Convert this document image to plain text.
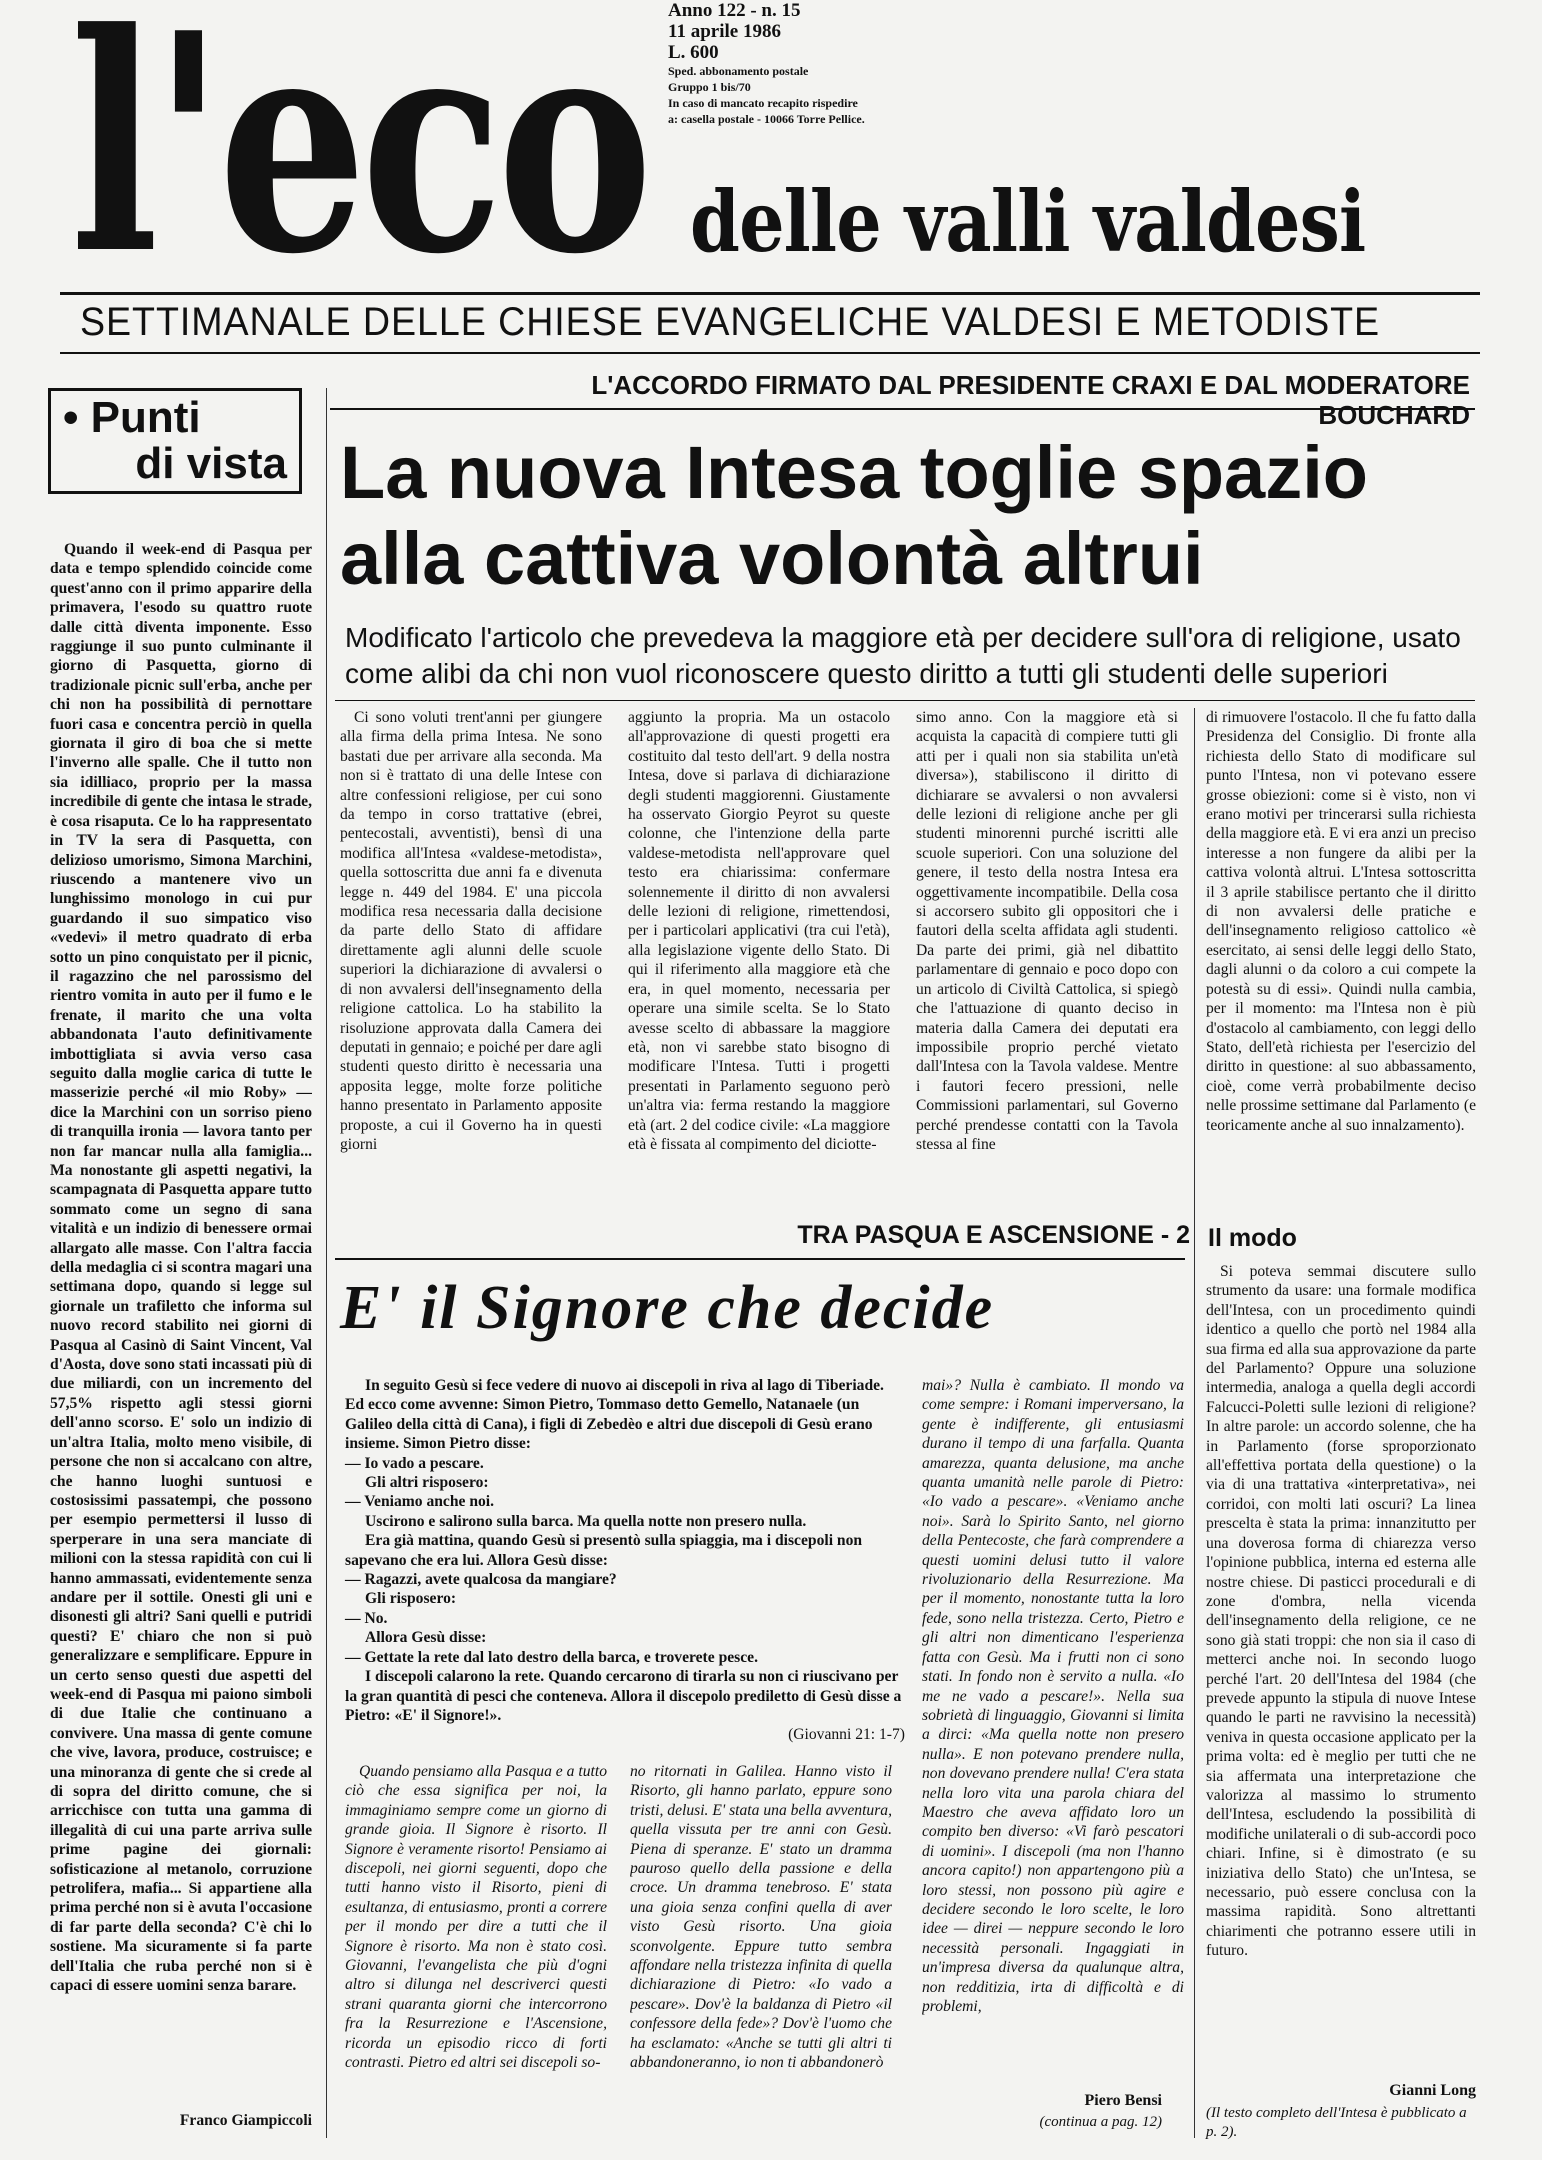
l'eco Anno 122 - n. 15
11 aprile 1986
L. 600
Sped. abbonamento postale
Gruppo 1 bis/70
In caso di mancato recapito rispedire
a: casella postale - 10066 Torre Pellice.
delle valli valdesi
SETTIMANALE DELLE CHIESE EVANGELICHE VALDESI E METODISTE
• Punti
di vista

Quando il week-end di Pasqua per data e tempo splendido coincide come quest'anno con il primo apparire della primavera, l'esodo su quattro ruote dalle città diventa imponente. Esso raggiunge il suo punto culminante il giorno di Pasquetta, giorno di tradizionale picnic sull'erba, anche per chi non ha possibilità di pernottare fuori casa e concentra perciò in quella giornata il giro di boa che si mette l'inverno alle spalle. Che il tutto non sia idilliaco, proprio per la massa incredibile di gente che intasa le strade, è cosa risaputa. Ce lo ha rappresentato in TV la sera di Pasquetta, con delizioso umorismo, Simona Marchini, riuscendo a mantenere vivo un lunghissimo monologo in cui pur guardando il suo simpatico viso «vedevi» il metro quadrato di erba sotto un pino conquistato per il picnic, il ragazzino che nel parossismo del rientro vomita in auto per il fumo e le frenate, il marito che una volta abbandonata l'auto definitivamente imbottigliata si avvia verso casa seguito dalla moglie carica di tutte le masserizie perché «il mio Roby» — dice la Marchini con un sorriso pieno di tranquilla ironia — lavora tanto per non far mancar nulla alla famiglia... Ma nonostante gli aspetti negativi, la scampagnata di Pasquetta appare tutto sommato come un segno di sana vitalità e un indizio di benessere ormai allargato alle masse. Con l'altra faccia della medaglia ci si scontra magari una settimana dopo, quando si legge sul giornale un trafiletto che informa sul nuovo record stabilito nei giorni di Pasqua al Casinò di Saint Vincent, Val d'Aosta, dove sono stati incassati più di due miliardi, con un incremento del 57,5% rispetto agli stessi giorni dell'anno scorso. E' solo un indizio di un'altra Italia, molto meno visibile, di persone che non si accalcano con altre, che hanno luoghi suntuosi e costosissimi passatempi, che possono per esempio permettersi il lusso di sperperare in una sera manciate di milioni con la stessa rapidità con cui li hanno ammassati, evidentemente senza andare per il sottile. Onesti gli uni e disonesti gli altri? Sani quelli e putridi questi? E' chiaro che non si può generalizzare e semplificare. Eppure in un certo senso questi due aspetti del week-end di Pasqua mi paiono simboli di due Italie che continuano a convivere. Una massa di gente comune che vive, lavora, produce, costruisce; e una minoranza di gente che si crede al di sopra del diritto comune, che si arricchisce con tutta una gamma di illegalità di cui una parte arriva sulle prime pagine dei giornali: sofisticazione al metanolo, corruzione petrolifera, mafia... Si appartiene alla prima perché non si è avuta l'occasione di far parte della seconda? C'è chi lo sostiene. Ma sicuramente si fa parte dell'Italia che ruba perché non si è capaci di essere uomini senza barare.

Franco Giampiccoli
L'ACCORDO FIRMATO DAL PRESIDENTE CRAXI E DAL MODERATORE BOUCHARD
La nuova Intesa toglie spazio
alla cattiva volontà altrui
Modificato l'articolo che prevedeva la maggiore età per decidere sull'ora di religione, usato come alibi da chi non vuol riconoscere questo diritto a tutti gli studenti delle superiori

Ci sono voluti trent'anni per giungere alla firma della prima Intesa. Ne sono bastati due per arrivare alla seconda. Ma non si è trattato di una delle Intese con altre confessioni religiose, per cui sono da tempo in corso trattative (ebrei, pentecostali, avventisti), bensì di una modifica all'Intesa «valdese-metodista», quella sottoscritta due anni fa e divenuta legge n. 449 del 1984. E' una piccola modifica resa necessaria dalla decisione da parte dello Stato di affidare direttamente agli alunni delle scuole superiori la dichiarazione di avvalersi o di non avvalersi dell'insegnamento della religione cattolica. Lo ha stabilito la risoluzione approvata dalla Camera dei deputati in gennaio; e poiché per dare agli studenti questo diritto è necessaria una apposita legge, molte forze politiche hanno presentato in Parlamento apposite proposte, a cui il Governo ha in questi giorni

aggiunto la propria. Ma un ostacolo all'approvazione di questi progetti era costituito dal testo dell'art. 9 della nostra Intesa, dove si parlava di dichiarazione degli studenti maggiorenni. Giustamente ha osservato Giorgio Peyrot su queste colonne, che l'intenzione della parte valdese-metodista nell'approvare quel testo era chiarissima: confermare solennemente il diritto di non avvalersi delle lezioni di religione, rimettendosi, per i particolari applicativi (tra cui l'età), alla legislazione vigente dello Stato. Di qui il riferimento alla maggiore età che era, in quel momento, necessaria per operare una simile scelta. Se lo Stato avesse scelto di abbassare la maggiore età, non vi sarebbe stato bisogno di modificare l'Intesa. Tutti i progetti presentati in Parlamento seguono però un'altra via: ferma restando la maggiore età (art. 2 del codice civile: «La maggiore età è fissata al compimento del diciotte-

simo anno. Con la maggiore età si acquista la capacità di compiere tutti gli atti per i quali non sia stabilita un'età diversa»), stabiliscono il diritto di dichiarare se avvalersi o non avvalersi delle lezioni di religione anche per gli studenti minorenni purché iscritti alle scuole superiori. Con una soluzione del genere, il testo della nostra Intesa era oggettivamente incompatibile. Della cosa si accorsero subito gli oppositori che i fautori della scelta affidata agli studenti. Da parte dei primi, già nel dibattito parlamentare di gennaio e poco dopo con un articolo di Civiltà Cattolica, si spiegò che l'attuazione di quanto deciso in materia dalla Camera dei deputati era impossibile proprio perché vietato dall'Intesa con la Tavola valdese. Mentre i fautori fecero pressioni, nelle Commissioni parlamentari, sul Governo perché prendesse contatti con la Tavola stessa al fine

di rimuovere l'ostacolo. Il che fu fatto dalla Presidenza del Consiglio. Di fronte alla richiesta dello Stato di modificare sul punto l'Intesa, non vi potevano essere grosse obiezioni: come si è visto, non vi erano motivi per trincerarsi sulla richiesta della maggiore età. E vi era anzi un preciso interesse a non fungere da alibi per la cattiva volontà altrui. L'Intesa sottoscritta il 3 aprile stabilisce pertanto che il diritto di non avvalersi delle pratiche e dell'insegnamento religioso cattolico «è esercitato, ai sensi delle leggi dello Stato, dagli alunni o da coloro a cui compete la potestà su di essi». Quindi nulla cambia, per il momento: ma l'Intesa non è più d'ostacolo al cambiamento, con leggi dello Stato, dell'età richiesta per l'esercizio del diritto in questione: al suo abbassamento, cioè, come verrà probabilmente deciso nelle prossime settimane dal Parlamento (e teoricamente anche al suo innalzamento).

Il modo

Si poteva semmai discutere sullo strumento da usare: una formale modifica dell'Intesa, con un procedimento quindi identico a quello che portò nel 1984 alla sua firma ed alla sua approvazione da parte del Parlamento? Oppure una soluzione intermedia, analoga a quella degli accordi Falcucci-Poletti sulle lezioni di religione? In altre parole: un accordo solenne, che ha in Parlamento (forse sproporzionato all'effettiva portata della questione) o la via di una trattativa «interpretativa», nei corridoi, con molti lati oscuri? La linea prescelta è stata la prima: innanzitutto per una doverosa forma di chiarezza verso l'opinione pubblica, interna ed esterna alle nostre chiese. Di pasticci procedurali e di zone d'ombra, nella vicenda dell'insegnamento della religione, ce ne sono già stati troppi: che non sia il caso di metterci anche noi. In secondo luogo perché l'art. 20 dell'Intesa del 1984 (che prevede appunto la stipula di nuove Intese quando le parti ne ravvisino la necessità) veniva in questa occasione applicato per la prima volta: ed è meglio per tutti che ne sia affermata una interpretazione che valorizza al massimo lo strumento dell'Intesa, escludendo la possibilità di modifiche unilaterali o di sub-accordi poco chiari. Infine, si è dimostrato (e su iniziativa dello Stato) che un'Intesa, se necessario, può essere conclusa con la massima rapidità. Sono altrettanti chiarimenti che potranno essere utili in futuro.

Gianni Long
(Il testo completo dell'Intesa è pubblicato a p. 2).
TRA PASQUA E ASCENSIONE - 2
E' il Signore che decide

In seguito Gesù si fece vedere di nuovo ai discepoli in riva al lago di Tiberiade. Ed ecco come avvenne: Simon Pietro, Tommaso detto Gemello, Natanaele (un Galileo della città di Cana), i figli di Zebedèo e altri due discepoli di Gesù erano insieme. Simon Pietro disse:

— Io vado a pescare.

Gli altri risposero:

— Veniamo anche noi.

Uscirono e salirono sulla barca. Ma quella notte non presero nulla.

Era già mattina, quando Gesù si presentò sulla spiaggia, ma i discepoli non sapevano che era lui. Allora Gesù disse:

— Ragazzi, avete qualcosa da mangiare?

Gli risposero:

— No.

Allora Gesù disse:

— Gettate la rete dal lato destro della barca, e troverete pesce.

I discepoli calarono la rete. Quando cercarono di tirarla su non ci riuscivano per la gran quantità di pesci che conteneva. Allora il discepolo prediletto di Gesù disse a Pietro: «E' il Signore!».

(Giovanni 21: 1-7)

Quando pensiamo alla Pasqua e a tutto ciò che essa significa per noi, la immaginiamo sempre come un giorno di grande gioia. Il Signore è risorto. Il Signore è veramente risorto! Pensiamo ai discepoli, nei giorni seguenti, dopo che tutti hanno visto il Risorto, pieni di esultanza, di entusiasmo, pronti a correre per il mondo per dire a tutti che il Signore è risorto. Ma non è stato così. Giovanni, l'evangelista che più d'ogni altro si dilunga nel descriverci questi strani quaranta giorni che intercorrono fra la Resurrezione e l'Ascensione, ricorda un episodio ricco di forti contrasti. Pietro ed altri sei discepoli so-

no ritornati in Galilea. Hanno visto il Risorto, gli hanno parlato, eppure sono tristi, delusi. E' stata una bella avventura, quella vissuta per tre anni con Gesù. Piena di speranze. E' stato un dramma pauroso quello della passione e della croce. Un dramma tenebroso. E' stata una gioia senza confini quella di aver visto Gesù risorto. Una gioia sconvolgente. Eppure tutto sembra affondare nella tristezza infinita di quella dichiarazione di Pietro: «Io vado a pescare». Dov'è la baldanza di Pietro «il confessore della fede»? Dov'è l'uomo che ha esclamato: «Anche se tutti gli altri ti abbandoneranno, io non ti abbandonerò

mai»? Nulla è cambiato. Il mondo va come sempre: i Romani imperversano, la gente è indifferente, gli entusiasmi durano il tempo di una farfalla. Quanta amarezza, quanta delusione, ma anche quanta umanità nelle parole di Pietro: «Io vado a pescare». «Veniamo anche noi». Sarà lo Spirito Santo, nel giorno della Pentecoste, che farà comprendere a questi uomini delusi tutto il valore rivoluzionario della Resurrezione. Ma per il momento, nonostante tutta la loro fede, sono nella tristezza. Certo, Pietro e gli altri non dimenticano l'esperienza fatta con Gesù. Ma i frutti non ci sono stati. In fondo non è servito a nulla. «Io me ne vado a pescare!». Nella sua sobrietà di linguaggio, Giovanni si limita a dirci: «Ma quella notte non presero nulla». E non potevano prendere nulla, non dovevano prendere nulla! C'era stata nella loro vita una parola chiara del Maestro che aveva affidato loro un compito ben diverso: «Vi farò pescatori di uomini». I discepoli (ma non l'hanno ancora capito!) non appartengono più a loro stessi, non possono più agire e decidere secondo le loro scelte, le loro idee — direi — neppure secondo le loro necessità personali. Ingaggiati in un'impresa diversa da qualunque altra, non redditizia, irta di difficoltà e di problemi,

Piero Bensi
(continua a pag. 12)
